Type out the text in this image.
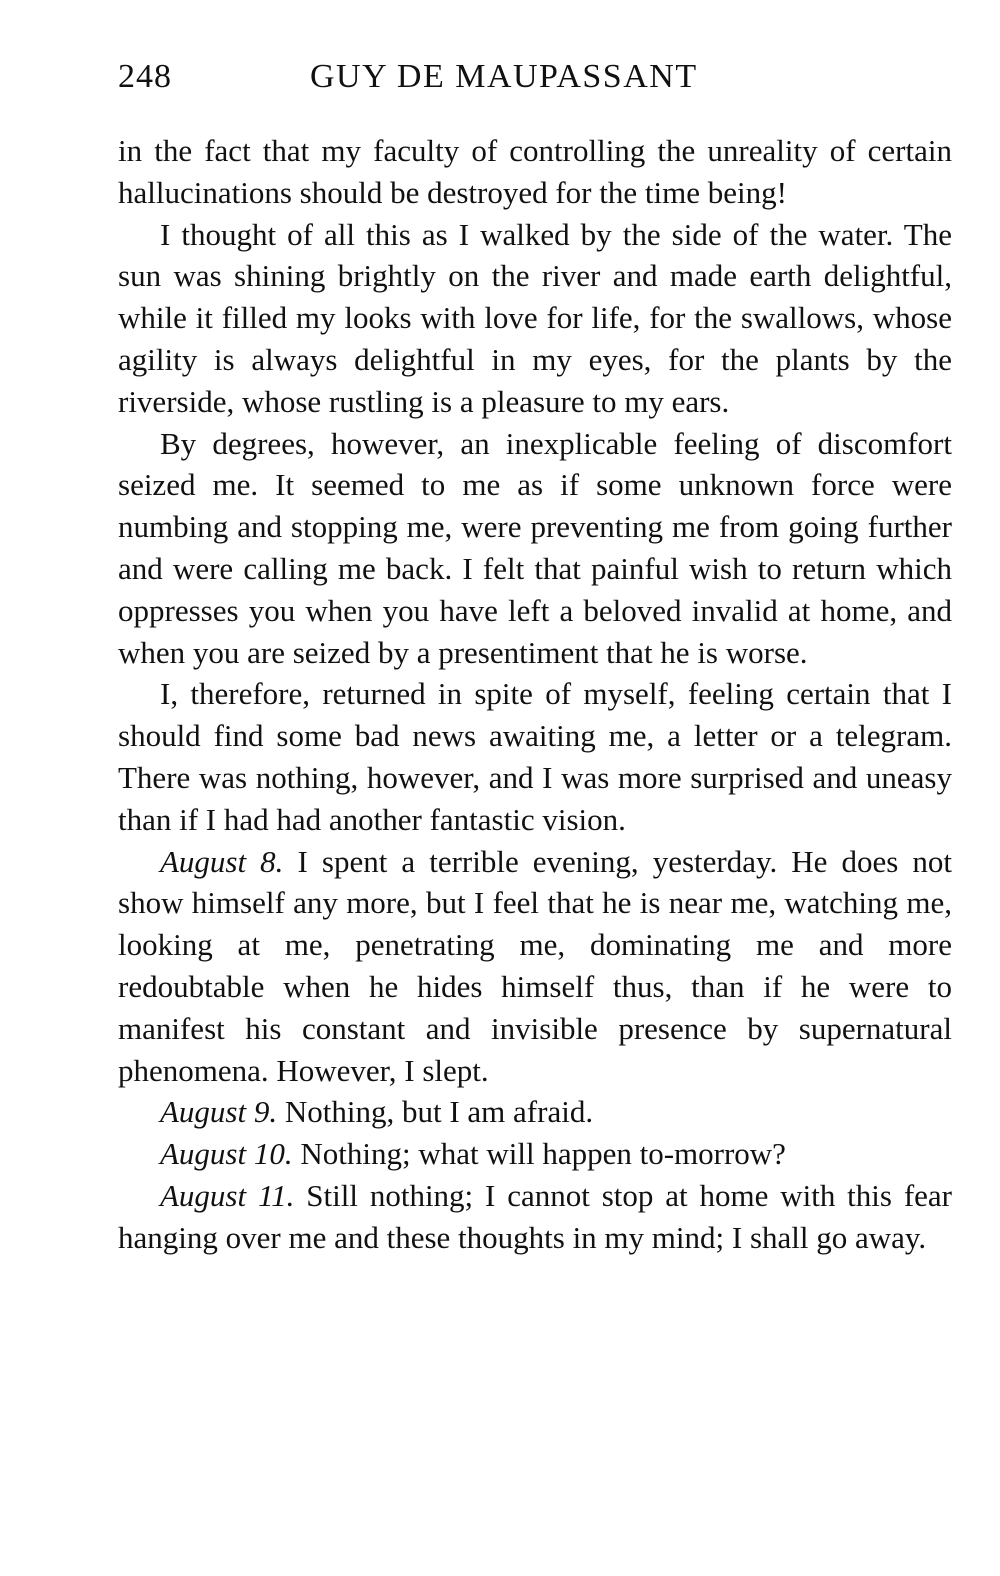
248	GUY DE MAUPASSANT

in the fact that my faculty of controlling the unreality of certain hallucinations should be destroyed for the time being!

I thought of all this as I walked by the side of the water. The sun was shining brightly on the river and made earth delightful, while it filled my looks with love for life, for the swallows, whose agility is always delightful in my eyes, for the plants by the riverside, whose rustling is a pleasure to my ears.

By degrees, however, an inexplicable feeling of discomfort seized me. It seemed to me as if some unknown force were numbing and stopping me, were preventing me from going further and were calling me back. I felt that painful wish to return which oppresses you when you have left a beloved invalid at home, and when you are seized by a presentiment that he is worse.

I, therefore, returned in spite of myself, feeling certain that I should find some bad news awaiting me, a letter or a telegram. There was nothing, however, and I was more surprised and uneasy than if I had had another fantastic vision.

August 8. I spent a terrible evening, yesterday. He does not show himself any more, but I feel that he is near me, watching me, looking at me, penetrating me, dominating me and more redoubtable when he hides himself thus, than if he were to manifest his constant and invisible presence by supernatural phenomena. However, I slept.

August 9. Nothing, but I am afraid.

August 10. Nothing; what will happen to-morrow?

August 11. Still nothing; I cannot stop at home with this fear hanging over me and these thoughts in my mind; I shall go away.
